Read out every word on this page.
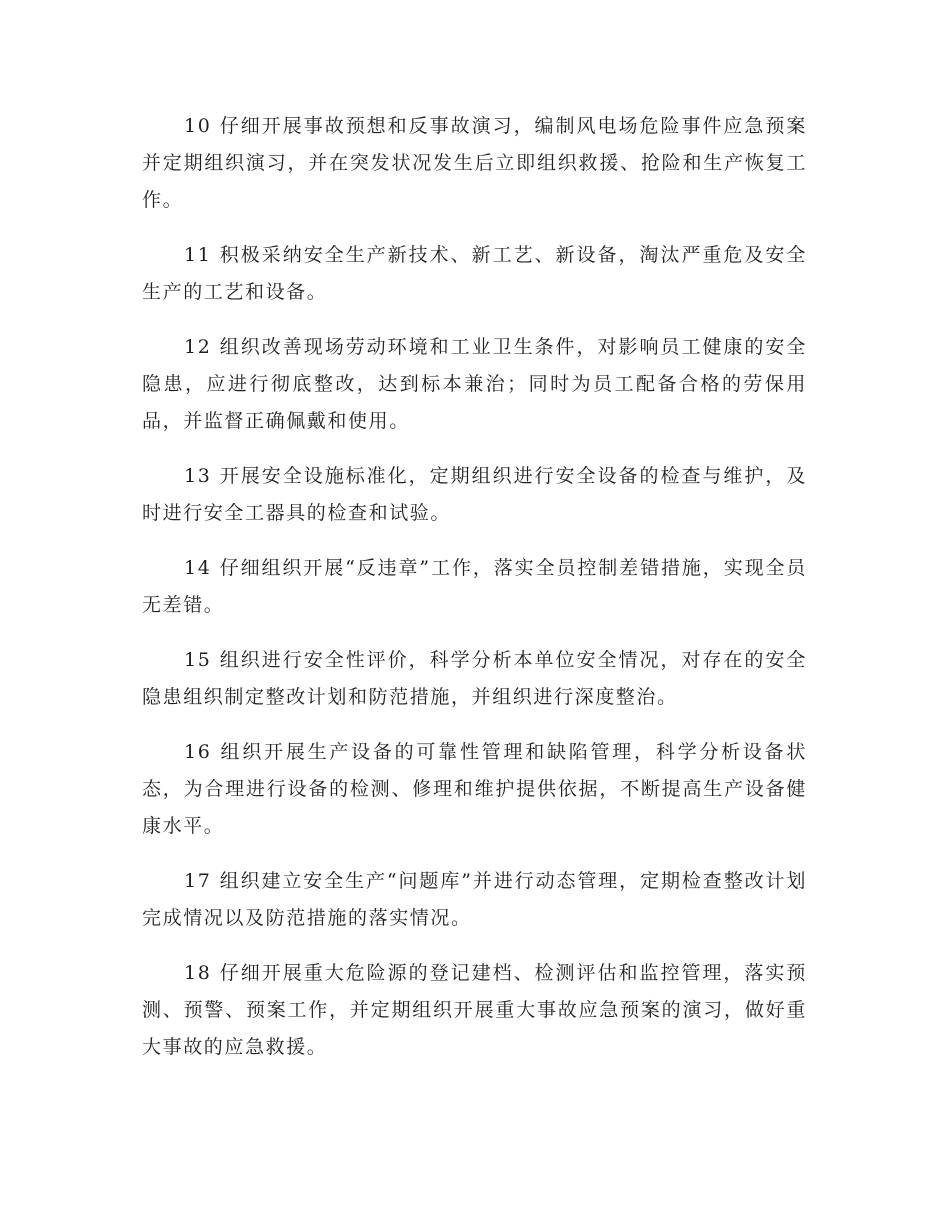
10 仔细开展事故预想和反事故演习，编制风电场危险事件应急预案并定期组织演习，并在突发状况发生后立即组织救援、抢险和生产恢复工作。

11 积极采纳安全生产新技术、新工艺、新设备，淘汰严重危及安全生产的工艺和设备。

12 组织改善现场劳动环境和工业卫生条件，对影响员工健康的安全隐患，应进行彻底整改，达到标本兼治；同时为员工配备合格的劳保用品，并监督正确佩戴和使用。

13 开展安全设施标准化，定期组织进行安全设备的检查与维护，及时进行安全工器具的检查和试验。

14 仔细组织开展“反违章”工作，落实全员控制差错措施，实现全员无差错。

15 组织进行安全性评价，科学分析本单位安全情况，对存在的安全隐患组织制定整改计划和防范措施，并组织进行深度整治。

16 组织开展生产设备的可靠性管理和缺陷管理，科学分析设备状态，为合理进行设备的检测、修理和维护提供依据，不断提高生产设备健康水平。

17 组织建立安全生产“问题库”并进行动态管理，定期检查整改计划完成情况以及防范措施的落实情况。

18 仔细开展重大危险源的登记建档、检测评估和监控管理，落实预测、预警、预案工作，并定期组织开展重大事故应急预案的演习，做好重大事故的应急救援。
